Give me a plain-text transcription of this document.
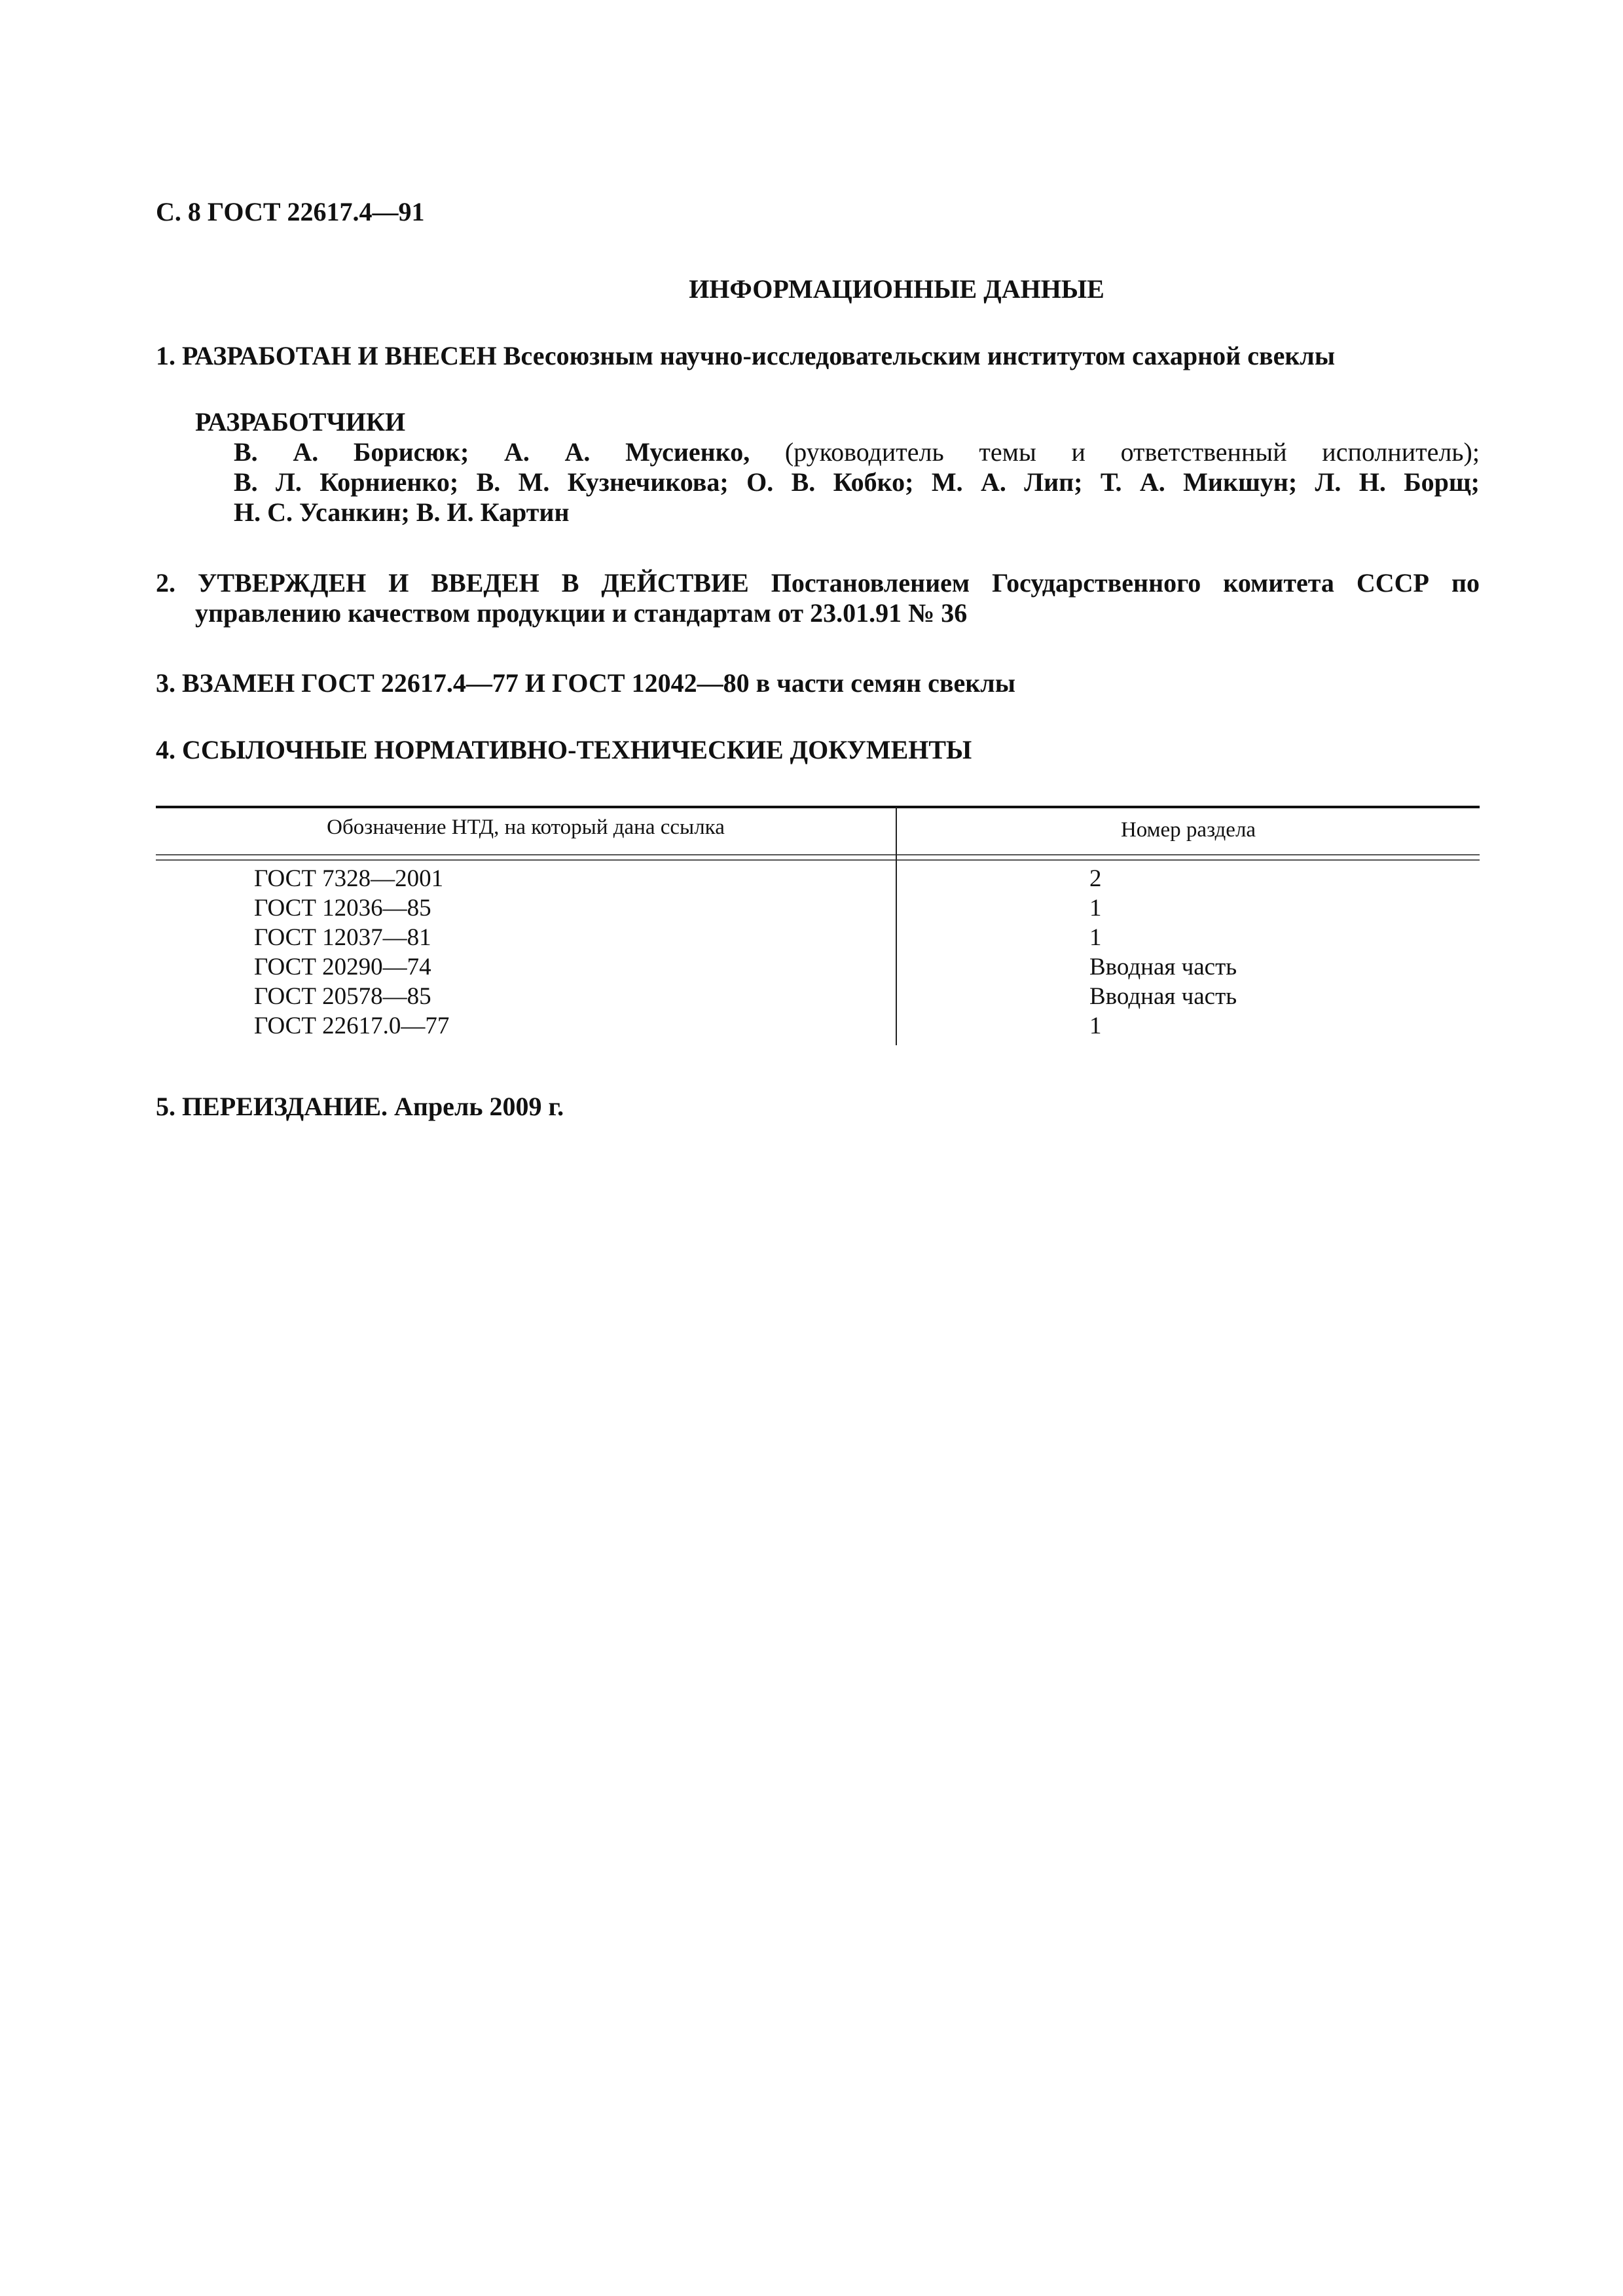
С. 8 ГОСТ 22617.4—91
ИНФОРМАЦИОННЫЕ ДАННЫЕ
1. РАЗРАБОТАН И ВНЕСЕН Всесоюзным научно-исследовательским институтом сахарной свеклы
РАЗРАБОТЧИКИ
В. А. Борисюк; А. А. Мусиенко, (руководитель темы и ответственный исполнитель);
В. Л. Корниенко; В. М. Кузнечикова; О. В. Кобко; М. А. Лип; Т. А. Микшун; Л. Н. Борщ;
Н. С. Усанкин; В. И. Картин
2. УТВЕРЖДЕН И ВВЕДЕН В ДЕЙСТВИЕ Постановлением Государственного комитета СССР по
управлению качеством продукции и стандартам от 23.01.91 № 36
3. ВЗАМЕН ГОСТ 22617.4—77 И ГОСТ 12042—80 в части семян свеклы
4. ССЫЛОЧНЫЕ НОРМАТИВНО-ТЕХНИЧЕСКИЕ ДОКУМЕНТЫ
Обозначение НТД, на который дана ссылка	Номер раздела
ГОСТ 7328—2001
ГОСТ 12036—85
ГОСТ 12037—81
ГОСТ 20290—74
ГОСТ 20578—85
ГОСТ 22617.0—77
2
1
1
Вводная часть
Вводная часть
1
5. ПЕРЕИЗДАНИЕ. Апрель 2009 г.
